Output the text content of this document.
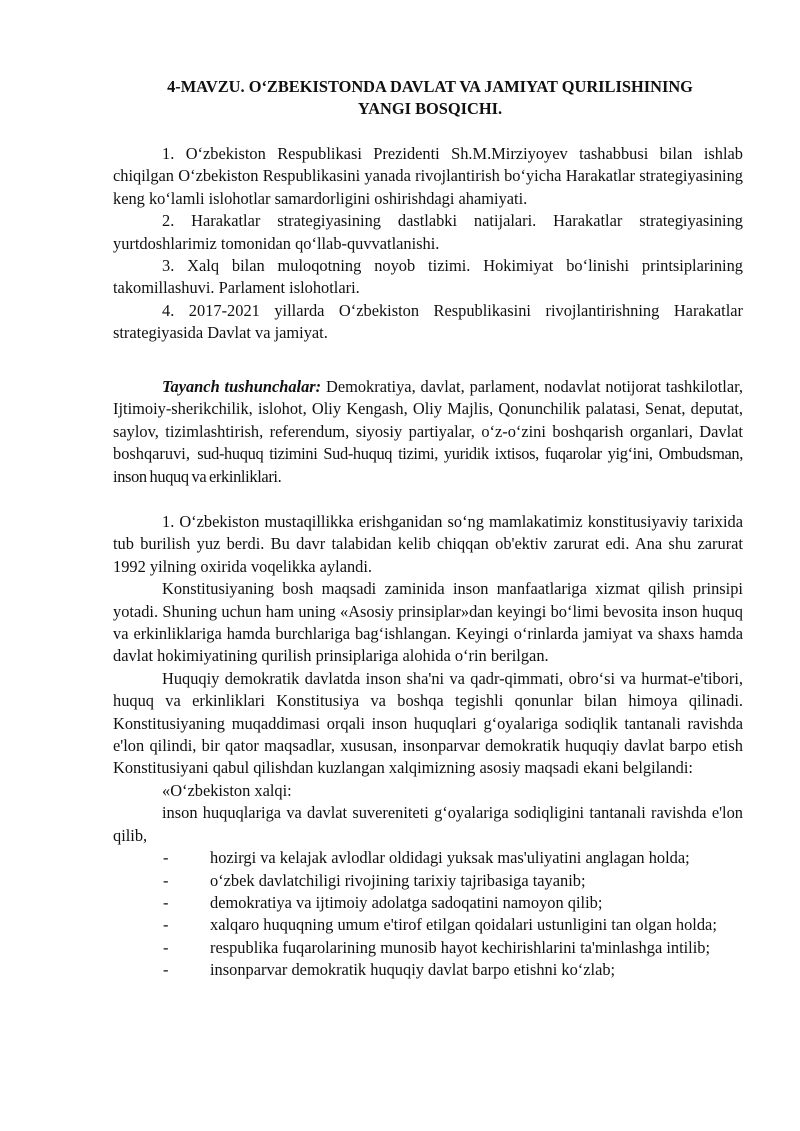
4-MAVZU. O‘ZBEKISTONDA DAVLAT VA JAMIYAT QURILISHINING
YANGI BOSQICHI.

1. O‘zbekiston Respublikasi Prezidenti Sh.M.Mirziyoyev tashabbusi bilan ishlab chiqilgan O‘zbekiston Respublikasini yanada rivojlantirish bo‘yicha Harakatlar strategiyasining keng ko‘lamli islohotlar samardorligini oshirishdagi ahamiyati.

2. Harakatlar strategiyasining dastlabki natijalari. Harakatlar strategiyasining yurtdoshlarimiz tomonidan qo‘llab-quvvatlanishi.

3. Xalq bilan muloqotning noyob tizimi. Hokimiyat bo‘linishi printsiplarining takomillashuvi. Parlament islohotlari.

4. 2017-2021 yillarda O‘zbekiston Respublikasini rivojlantirishning Harakatlar strategiyasida Davlat va jamiyat.

Tayanch tushunchalar: Demokratiya, davlat, parlament, nodavlat notijorat tashkilotlar, Ijtimoiy-sherikchilik, islohot, Oliy Kengash, Oliy Majlis, Qonunchilik palatasi, Senat, deputat, saylov, tizimlashtirish, referendum, siyosiy partiyalar, o‘z-o‘zini boshqarish organlari, Davlat boshqaruvi, sud-huquq tizimini Sud-huquq tizimi, yuridik ixtisos, fuqarolar yig‘ini, Ombudsman, inson huquq va erkinliklari.

1. O‘zbekiston mustaqillikka erishganidan so‘ng mamlakatimiz konstitusiyaviy tarixida tub burilish yuz berdi. Bu davr talabidan kelib chiqqan ob'ektiv zarurat edi. Ana shu zarurat 1992 yilning oxirida voqelikka aylandi.

Konstitusiyaning bosh maqsadi zaminida inson manfaatlariga xizmat qilish prinsipi yotadi. Shuning uchun ham uning «Asosiy prinsiplar»dan keyingi bo‘limi bevosita inson huquq va erkinliklariga hamda burchlariga bag‘ishlangan. Keyingi o‘rinlarda jamiyat va shaxs hamda davlat hokimiyatining qurilish prinsiplariga alohida o‘rin berilgan.

Huquqiy demokratik davlatda inson sha'ni va qadr-qimmati, obro‘si va hurmat-e'tibori, huquq va erkinliklari Konstitusiya va boshqa tegishli qonunlar bilan himoya qilinadi. Konstitusiyaning muqaddimasi orqali inson huquqlari g‘oyalariga sodiqlik tantanali ravishda e'lon qilindi, bir qator maqsadlar, xususan, insonparvar demokratik huquqiy davlat barpo etish Konstitusiyani qabul qilishdan kuzlangan xalqimizning asosiy maqsadi ekani belgilandi:

«O‘zbekiston xalqi:

inson huquqlariga va davlat suvereniteti g‘oyalariga sodiqligini tantanali ravishda e'lon qilib,

-	hozirgi va kelajak avlodlar oldidagi yuksak mas'uliyatini anglagan holda;

-	o‘zbek davlatchiligi rivojining tarixiy tajribasiga tayanib;

-	demokratiya va ijtimoiy adolatga sadoqatini namoyon qilib;

-	xalqaro huquqning umum e'tirof etilgan qoidalari ustunligini tan olgan holda;

-	respublika fuqarolarining munosib hayot kechirishlarini ta'minlashga intilib;

-	insonparvar demokratik huquqiy davlat barpo etishni ko‘zlab;
